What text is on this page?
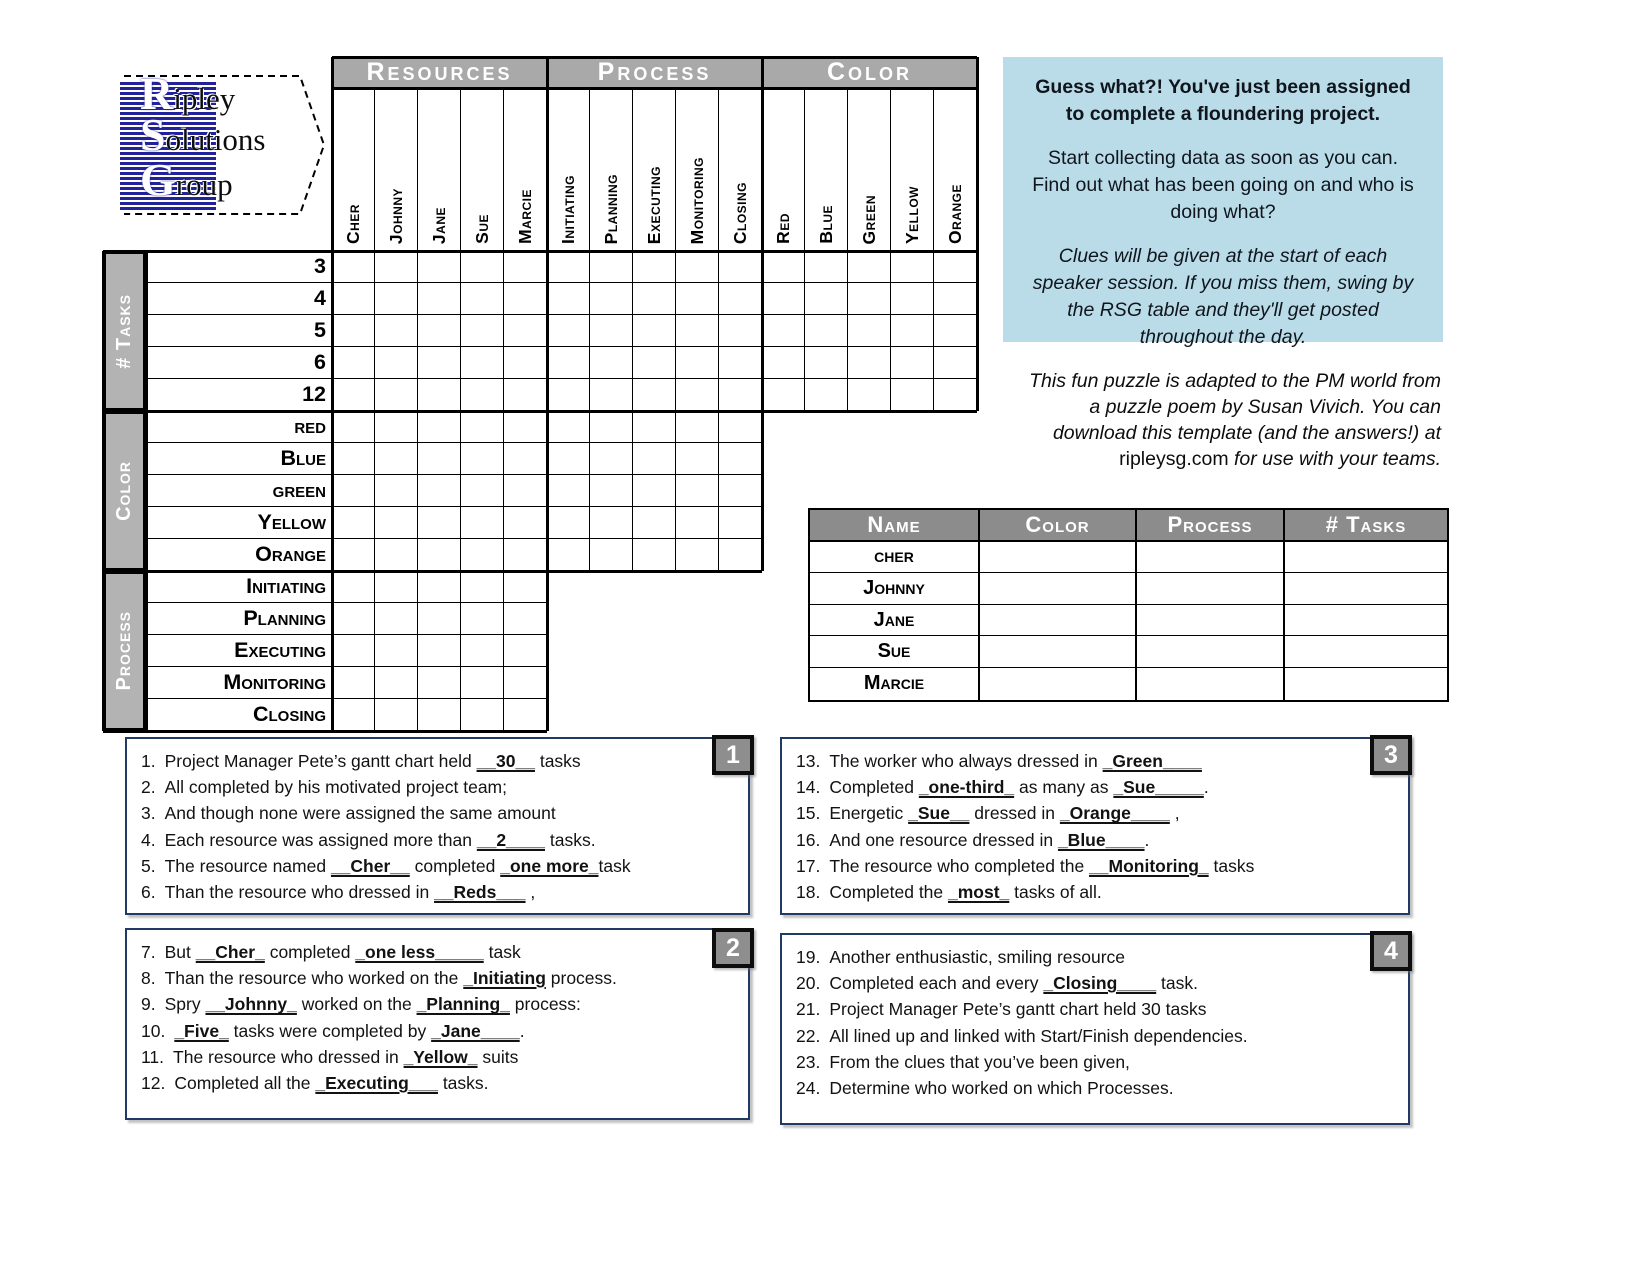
Ripley
Solutions
Group
Resources	Process	Color
Cher Johnny Jane Sue Marcie Initiating Planning Executing Monitoring Closing Red Blue Green Yellow Orange
# Tasks
3
4
5
6
12
Color
red
Blue
green
Yellow
Orange
Process
Initiating
Planning
Executing
Monitoring
Closing
Guess what?! You've just been assigned to complete a floundering project.
Start collecting data as soon as you can. Find out what has been going on and who is doing what?
Clues will be given at the start of each speaker session. If you miss them, swing by the RSG table and they'll get posted throughout the day.
This fun puzzle is adapted to the PM world from a puzzle poem by Susan Vivich. You can download this template (and the answers!) at ripleysg.com for use with your teams.
Name	Color	Process	# Tasks
cher
Johnny
Jane
Sue
Marcie
1. Project Manager Pete’s gantt chart held __30__ tasks
2. All completed by his motivated project team;
3. And though none were assigned the same amount
4. Each resource was assigned more than __2____ tasks.
5. The resource named __Cher__ completed _one more_task
6. Than the resource who dressed in __Reds___ ,
1
7. But __Cher_ completed _one less_____ task
8. Than the resource who worked on the _Initiating process.
9. Spry __Johnny_ worked on the _Planning_ process:
10. _Five_ tasks were completed by _Jane____.
11. The resource who dressed in _Yellow_ suits
12. Completed all the _Executing___ tasks.
2
13. The worker who always dressed in _Green____
14. Completed _one-third_ as many as _Sue_____.
15. Energetic _Sue__ dressed in _Orange____ ,
16. And one resource dressed in _Blue____.
17. The resource who completed the __Monitoring_ tasks
18. Completed the _most_ tasks of all.
3
19. Another enthusiastic, smiling resource
20. Completed each and every _Closing____ task.
21. Project Manager Pete’s gantt chart held 30 tasks
22. All lined up and linked with Start/Finish dependencies.
23. From the clues that you’ve been given,
24. Determine who worked on which Processes.
4
